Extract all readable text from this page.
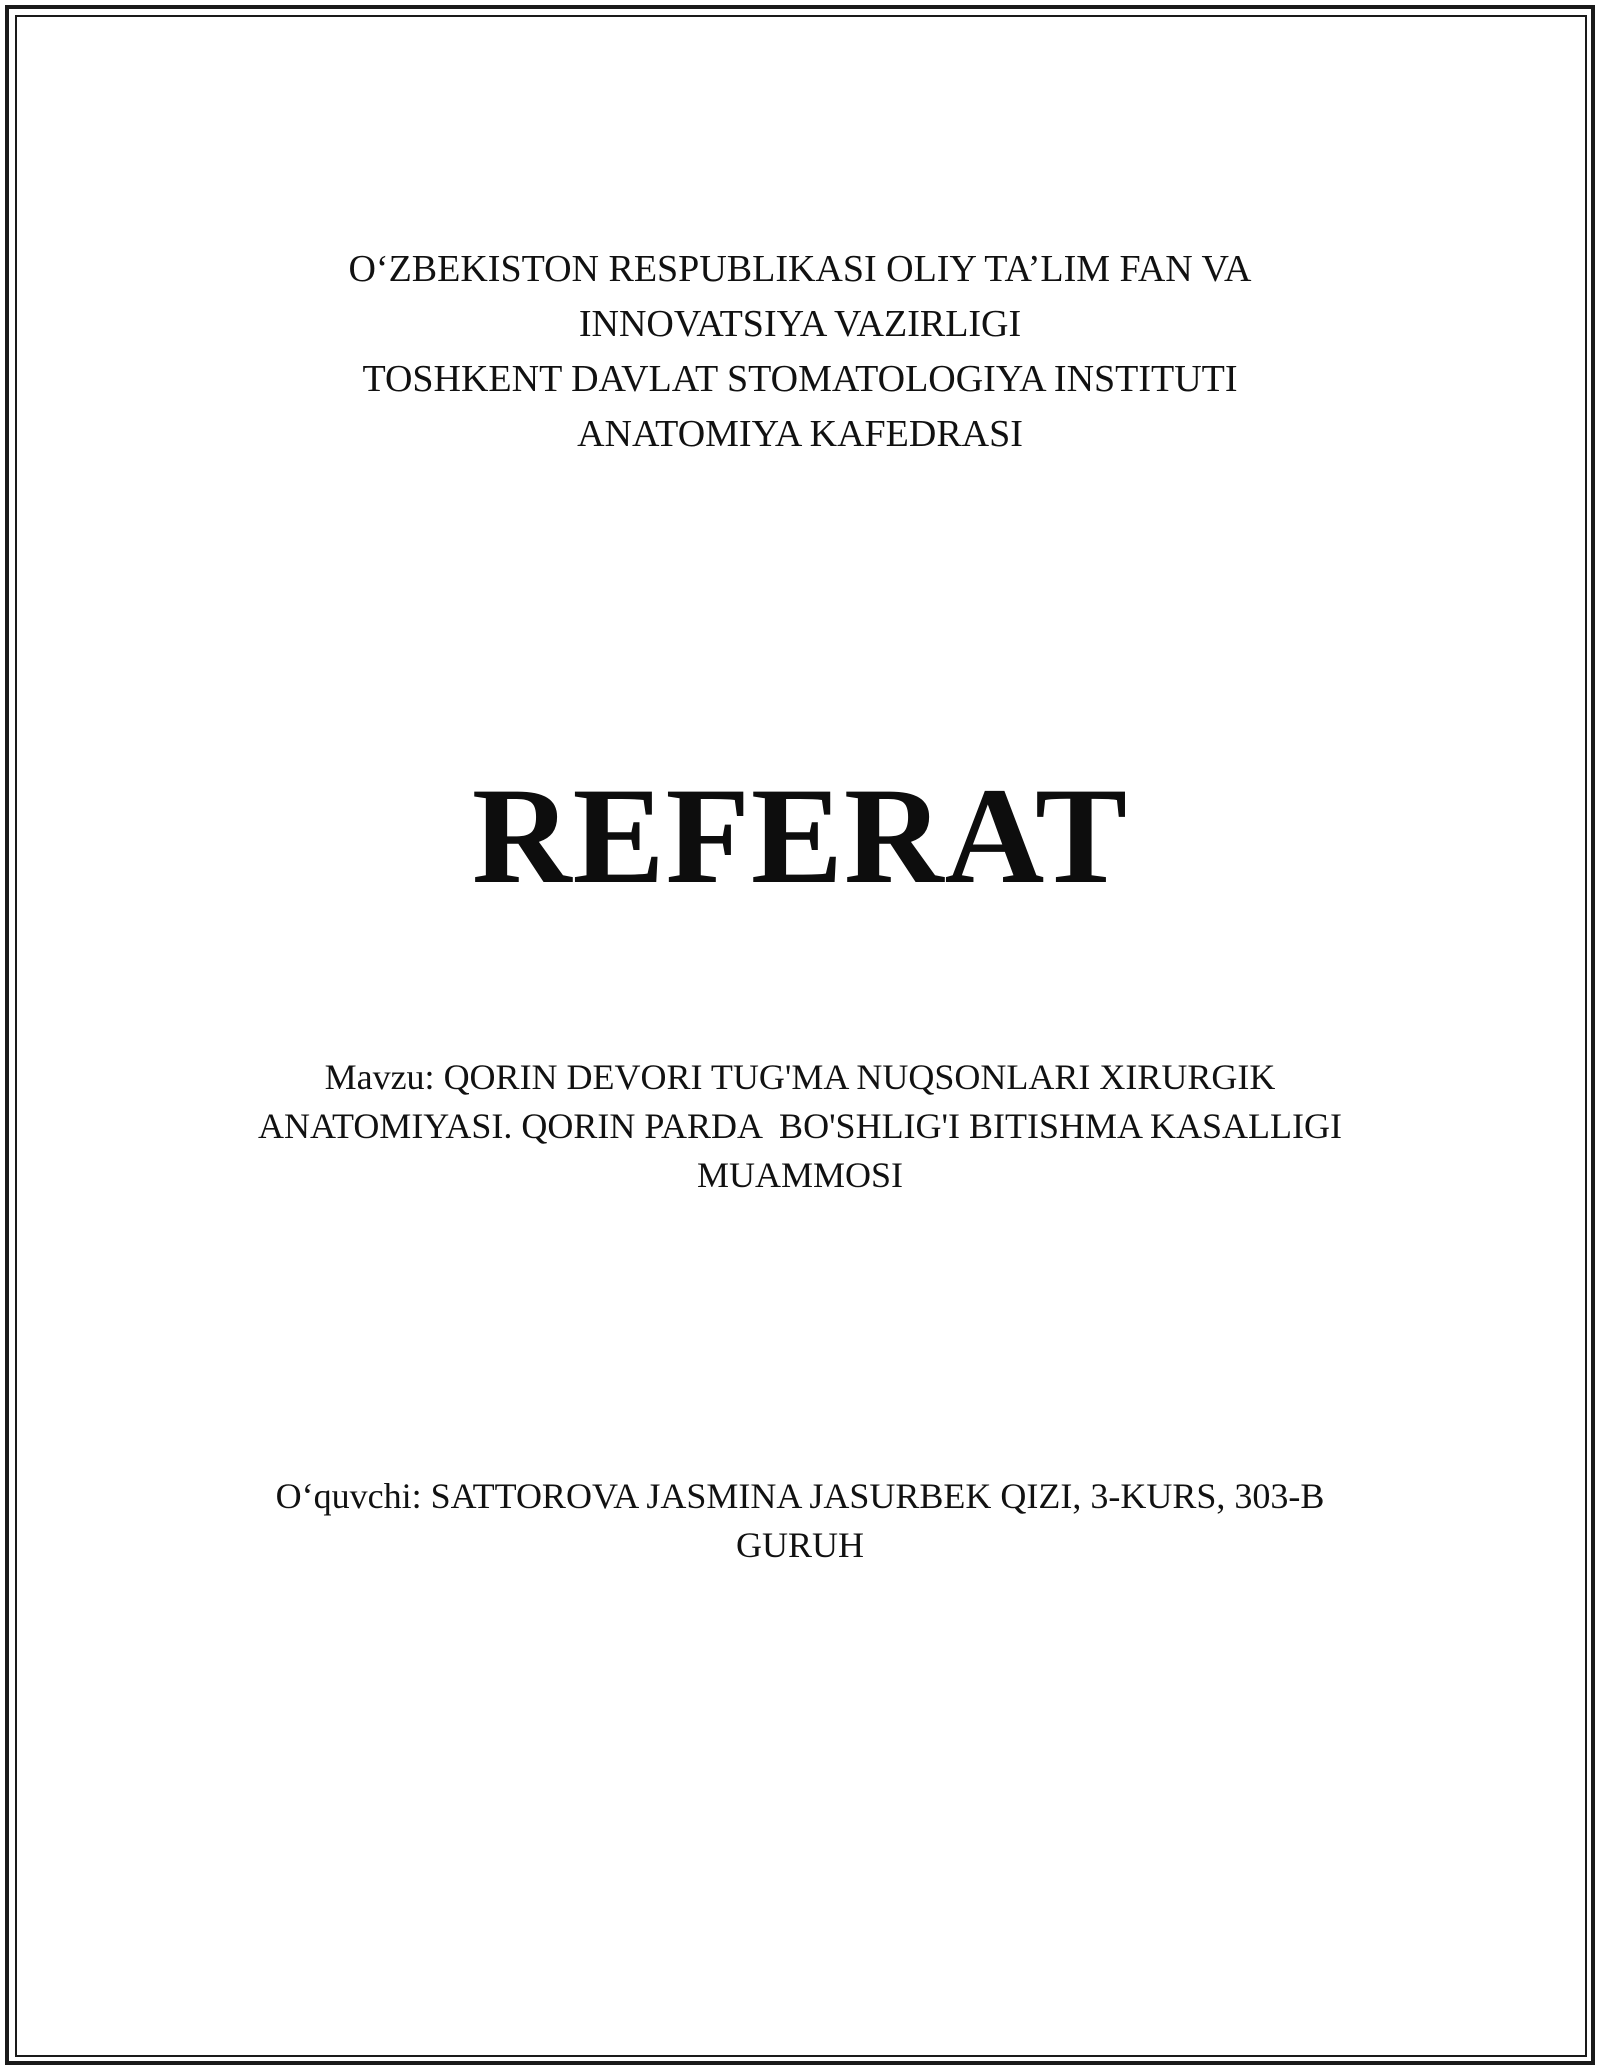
O‘ZBEKISTON RESPUBLIKASI OLIY TA’LIM FAN VA
INNOVATSIYA VAZIRLIGI
TOSHKENT DAVLAT STOMATOLOGIYA INSTITUTI
ANATOMIYA KAFEDRASI
REFERAT
Mavzu: QORIN DEVORI TUG'MA NUQSONLARI XIRURGIK
ANATOMIYASI. QORIN PARDA  BO'SHLIG'I BITISHMA KASALLIGI
MUAMMOSI
O‘quvchi: SATTOROVA JASMINA JASURBEK QIZI, 3-KURS, 303-B
GURUH
